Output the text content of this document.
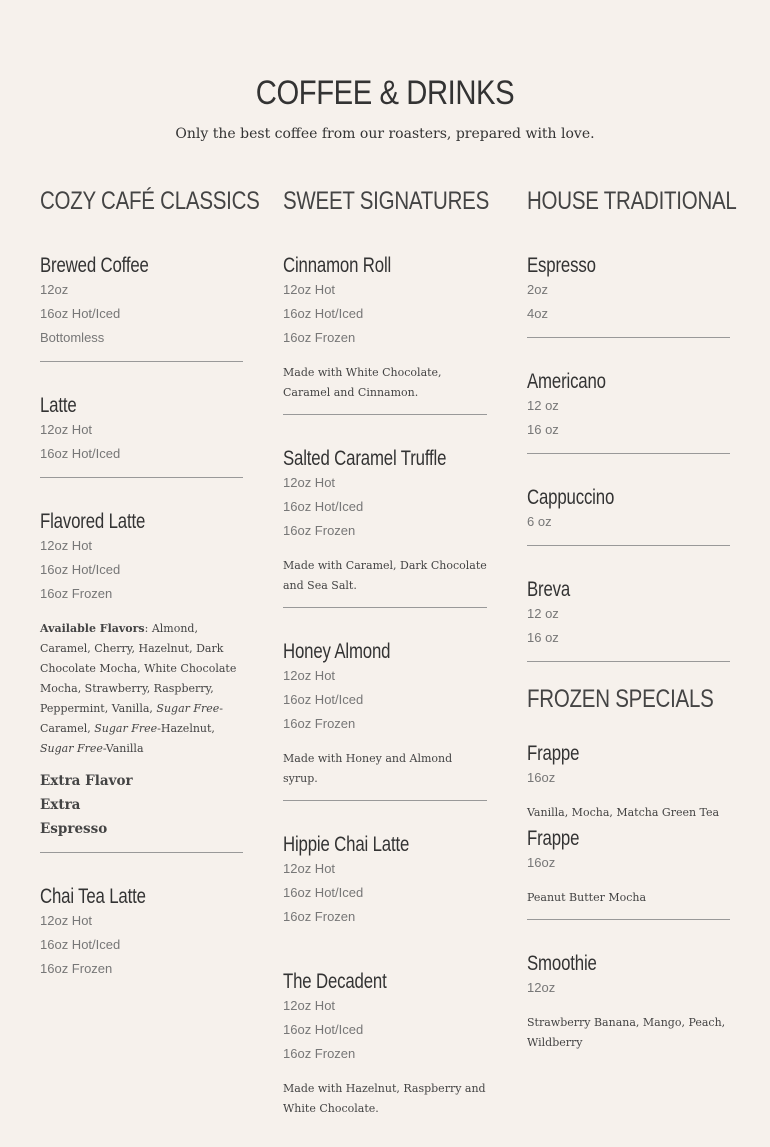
COFFEE & DRINKS
Only the best coffee from our roasters, prepared with love.
COZY CAFÉ CLASSICS
Brewed Coffee
12oz
16oz Hot/Iced
Bottomless
Latte
12oz Hot
16oz Hot/Iced
Flavored Latte
12oz Hot
16oz Hot/Iced
16oz Frozen
Available Flavors: Almond, Caramel, Cherry, Hazelnut, Dark Chocolate Mocha, White Chocolate Mocha, Strawberry, Raspberry, Peppermint, Vanilla, Sugar Free-Caramel, Sugar Free-Hazelnut, Sugar Free-Vanilla
Extra Flavor
Extra
Espresso
Chai Tea Latte
12oz Hot
16oz Hot/Iced
16oz Frozen
SWEET SIGNATURES
Cinnamon Roll
12oz Hot
16oz Hot/Iced
16oz Frozen
Made with White Chocolate, Caramel and Cinnamon.
Salted Caramel Truffle
12oz Hot
16oz Hot/Iced
16oz Frozen
Made with Caramel, Dark Chocolate and Sea Salt.
Honey Almond
12oz Hot
16oz Hot/Iced
16oz Frozen
Made with Honey and Almond syrup.
Hippie Chai Latte
12oz Hot
16oz Hot/Iced
16oz Frozen
The Decadent
12oz Hot
16oz Hot/Iced
16oz Frozen
Made with Hazelnut, Raspberry and White Chocolate.
HOUSE TRADITIONAL
Espresso
2oz
4oz
Americano
12 oz
16 oz
Cappuccino
6 oz
Breva
12 oz
16 oz
FROZEN SPECIALS
Frappe
16oz
Vanilla, Mocha, Matcha Green Tea
Frappe
16oz
Peanut Butter Mocha
Smoothie
12oz
Strawberry Banana, Mango, Peach, Wildberry
